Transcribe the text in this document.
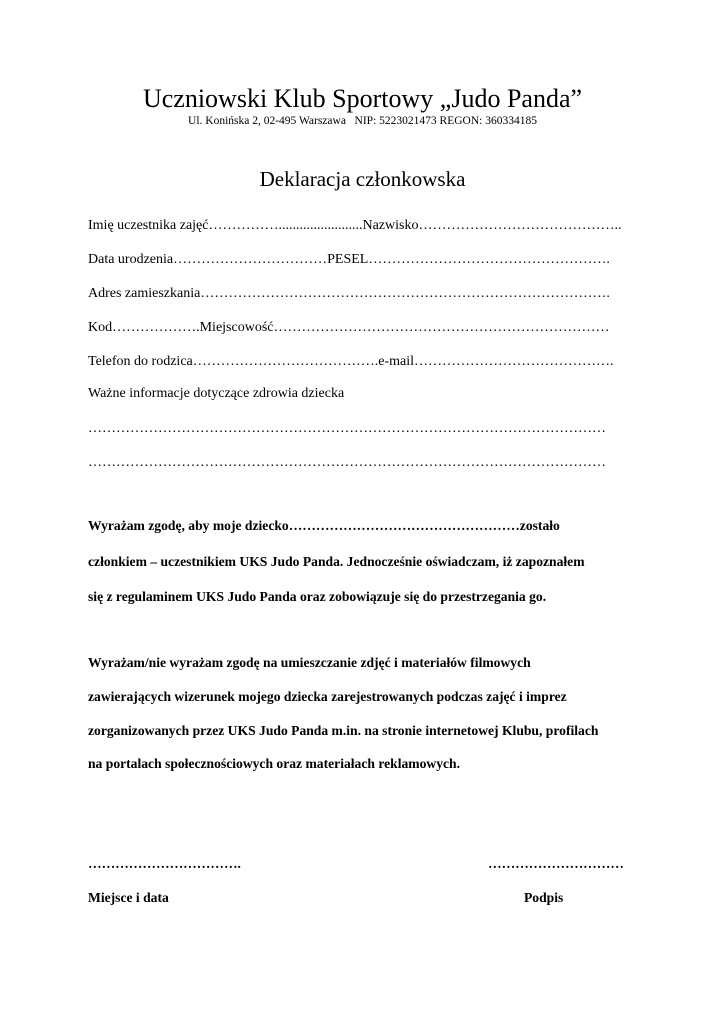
Uczniowski Klub Sportowy „Judo Panda”
Ul. Konińska 2, 02-495 Warszawa   NIP: 5223021473 REGON: 360334185
Deklaracja członkowska
Imię uczestnika zajęć……………........................Nazwisko……………………………………..
Data urodzenia……………………………PESEL…………………………………………….
Adres zamieszkania…………………………………………………………………………….
Kod……………….Miejscowość………………………………………………………………
Telefon do rodzica………………………………….e-mail…………………………………….
Ważne informacje dotyczące zdrowia dziecka
…………………………………………………………………………………………………
…………………………………………………………………………………………………
Wyrażam zgodę, aby moje dziecko……………………………………………zostało
członkiem – uczestnikiem UKS Judo Panda. Jednocześnie oświadczam, iż zapoznałem
się z regulaminem UKS Judo Panda oraz zobowiązuje się do przestrzegania go.
Wyrażam/nie wyrażam zgodę na umieszczanie zdjęć i materiałów filmowych
zawierających wizerunek mojego dziecka zarejestrowanych podczas zajęć i imprez
zorganizowanych przez UKS Judo Panda m.in. na stronie internetowej Klubu, profilach
na portalach społecznościowych oraz materiałach reklamowych.
…………………………….	…………………………
Miejsce i data	Podpis
